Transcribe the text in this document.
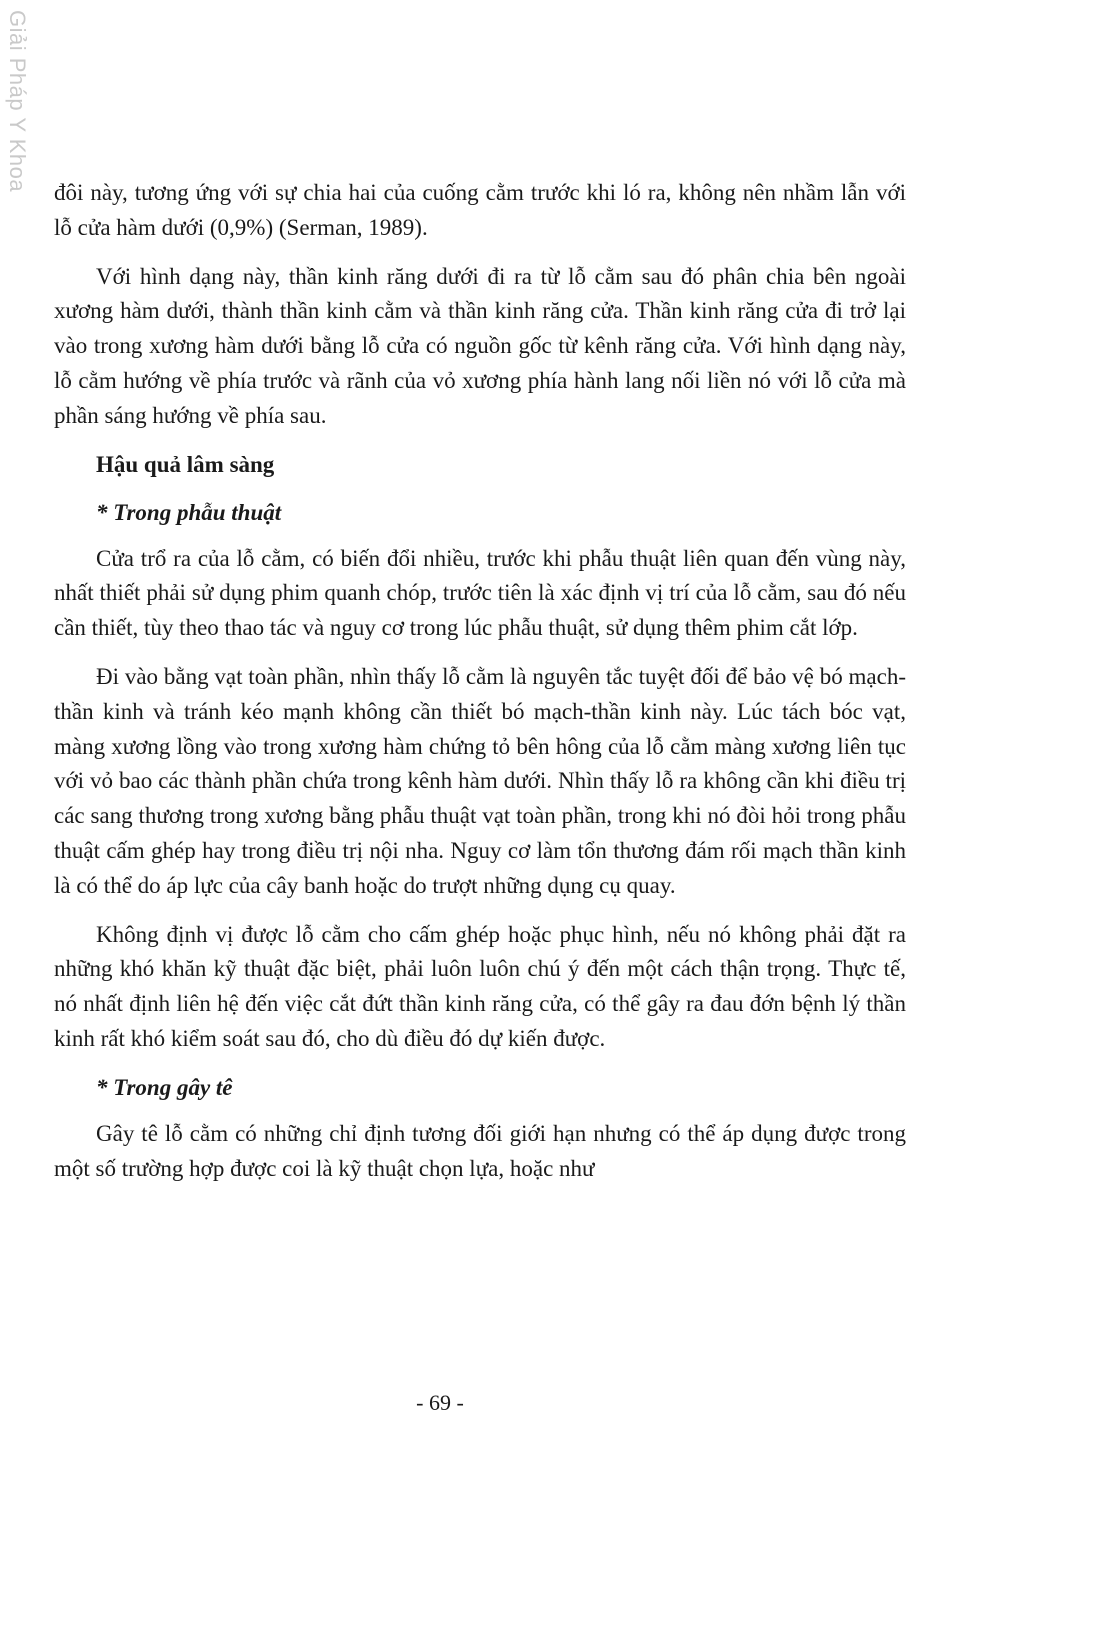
Giải Pháp Y Khoa

đôi này, tương ứng với sự chia hai của cuống cằm trước khi ló ra, không nên nhầm lẫn với lỗ cửa hàm dưới (0,9%) (Serman, 1989).

Với hình dạng này, thần kinh răng dưới đi ra từ lỗ cằm sau đó phân chia bên ngoài xương hàm dưới, thành thần kinh cằm và thần kinh răng cửa. Thần kinh răng cửa đi trở lại vào trong xương hàm dưới bằng lỗ cửa có nguồn gốc từ kênh răng cửa. Với hình dạng này, lỗ cằm hướng về phía trước và rãnh của vỏ xương phía hành lang nối liền nó với lỗ cửa mà phần sáng hướng về phía sau.

Hậu quả lâm sàng
* Trong phẫu thuật

Cửa trổ ra của lỗ cằm, có biến đổi nhiều, trước khi phẫu thuật liên quan đến vùng này, nhất thiết phải sử dụng phim quanh chóp, trước tiên là xác định vị trí của lỗ cằm, sau đó nếu cần thiết, tùy theo thao tác và nguy cơ trong lúc phẫu thuật, sử dụng thêm phim cắt lớp.

Đi vào bằng vạt toàn phần, nhìn thấy lỗ cằm là nguyên tắc tuyệt đối để bảo vệ bó mạch-thần kinh và tránh kéo mạnh không cần thiết bó mạch-thần kinh này. Lúc tách bóc vạt, màng xương lồng vào trong xương hàm chứng tỏ bên hông của lỗ cằm màng xương liên tục với vỏ bao các thành phần chứa trong kênh hàm dưới. Nhìn thấy lỗ ra không cần khi điều trị các sang thương trong xương bằng phẫu thuật vạt toàn phần, trong khi nó đòi hỏi trong phẫu thuật cấm ghép hay trong điều trị nội nha. Nguy cơ làm tổn thương đám rối mạch thần kinh là có thể do áp lực của cây banh hoặc do trượt những dụng cụ quay.

Không định vị được lỗ cằm cho cấm ghép hoặc phục hình, nếu nó không phải đặt ra những khó khăn kỹ thuật đặc biệt, phải luôn luôn chú ý đến một cách thận trọng. Thực tế, nó nhất định liên hệ đến việc cắt đứt thần kinh răng cửa, có thể gây ra đau đớn bệnh lý thần kinh rất khó kiểm soát sau đó, cho dù điều đó dự kiến được.

* Trong gây tê

Gây tê lỗ cằm có những chỉ định tương đối giới hạn nhưng có thể áp dụng được trong một số trường hợp được coi là kỹ thuật chọn lựa, hoặc như

- 69 -
